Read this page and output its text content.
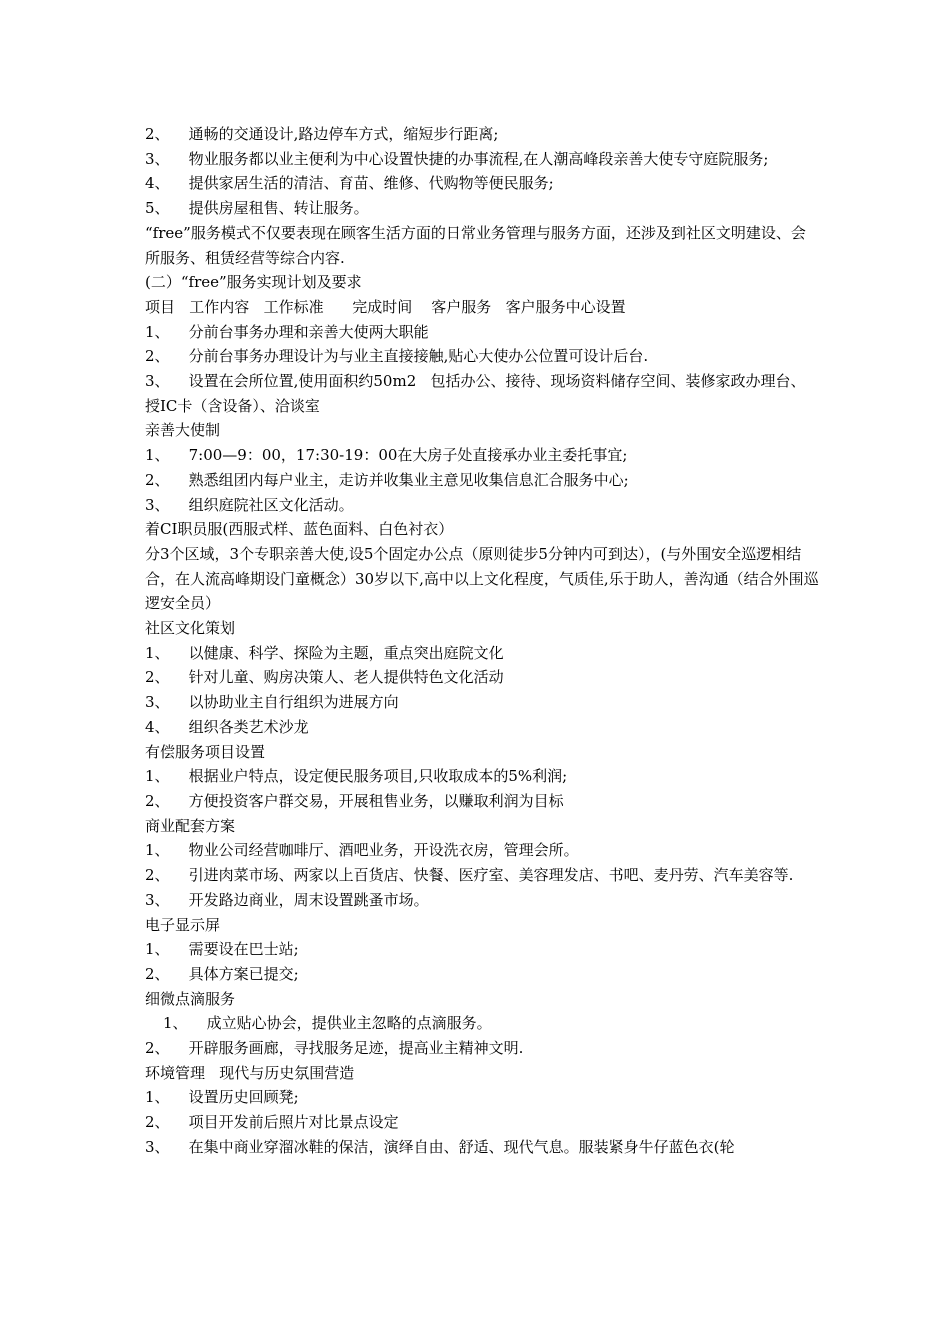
2、    通畅的交通设计,路边停车方式，缩短步行距离;

3、    物业服务都以业主便利为中心设置快捷的办事流程,在人潮高峰段亲善大使专守庭院服务;

4、    提供家居生活的清洁、育苗、维修、代购物等便民服务;

5、    提供房屋租售、转让服务。

“free”服务模式不仅要表现在顾客生活方面的日常业务管理与服务方面，还涉及到社区文明建设、会所服务、租赁经营等综合内容.

(二）“free”服务实现计划及要求

项目   工作内容   工作标准      完成时间    客户服务   客户服务中心设置

1、    分前台事务办理和亲善大使两大职能

2、    分前台事务办理设计为与业主直接接触,贴心大使办公位置可设计后台.

3、    设置在会所位置,使用面积约50m2   包括办公、接待、现场资料储存空间、装修家政办理台、授IC卡（含设备）、洽谈室

亲善大使制

1、    7:00—9：00，17:30-19：00在大房子处直接承办业主委托事宜;

2、    熟悉组团内每户业主，走访并收集业主意见收集信息汇合服务中心;

3、    组织庭院社区文化活动。

着CI职员服(西服式样、蓝色面料、白色衬衣）

分3个区域，3个专职亲善大使,设5个固定办公点（原则徒步5分钟内可到达），(与外围安全巡逻相结合，在人流高峰期设门童概念）30岁以下,高中以上文化程度，气质佳,乐于助人，善沟通（结合外围巡逻安全员）

社区文化策划

1、    以健康、科学、探险为主题，重点突出庭院文化

2、    针对儿童、购房决策人、老人提供特色文化活动

3、    以协助业主自行组织为进展方向

4、    组织各类艺术沙龙

有偿服务项目设置

1、    根据业户特点，设定便民服务项目,只收取成本的5%利润;

2、    方便投资客户群交易，开展租售业务，以赚取利润为目标

商业配套方案

1、    物业公司经营咖啡厅、酒吧业务，开设洗衣房，管理会所。

2、    引进肉菜市场、两家以上百货店、快餐、医疗室、美容理发店、书吧、麦丹劳、汽车美容等.

3、    开发路边商业，周末设置跳蚤市场。

电子显示屏

1、    需要设在巴士站;

2、    具体方案已提交;

细微点滴服务

1、    成立贴心协会，提供业主忽略的点滴服务。

2、    开辟服务画廊，寻找服务足迹，提高业主精神文明.

环境管理   现代与历史氛围营造

1、    设置历史回顾凳;

2、    项目开发前后照片对比景点设定

3、    在集中商业穿溜冰鞋的保洁，演绎自由、舒适、现代气息。服装紧身牛仔蓝色衣(轮
